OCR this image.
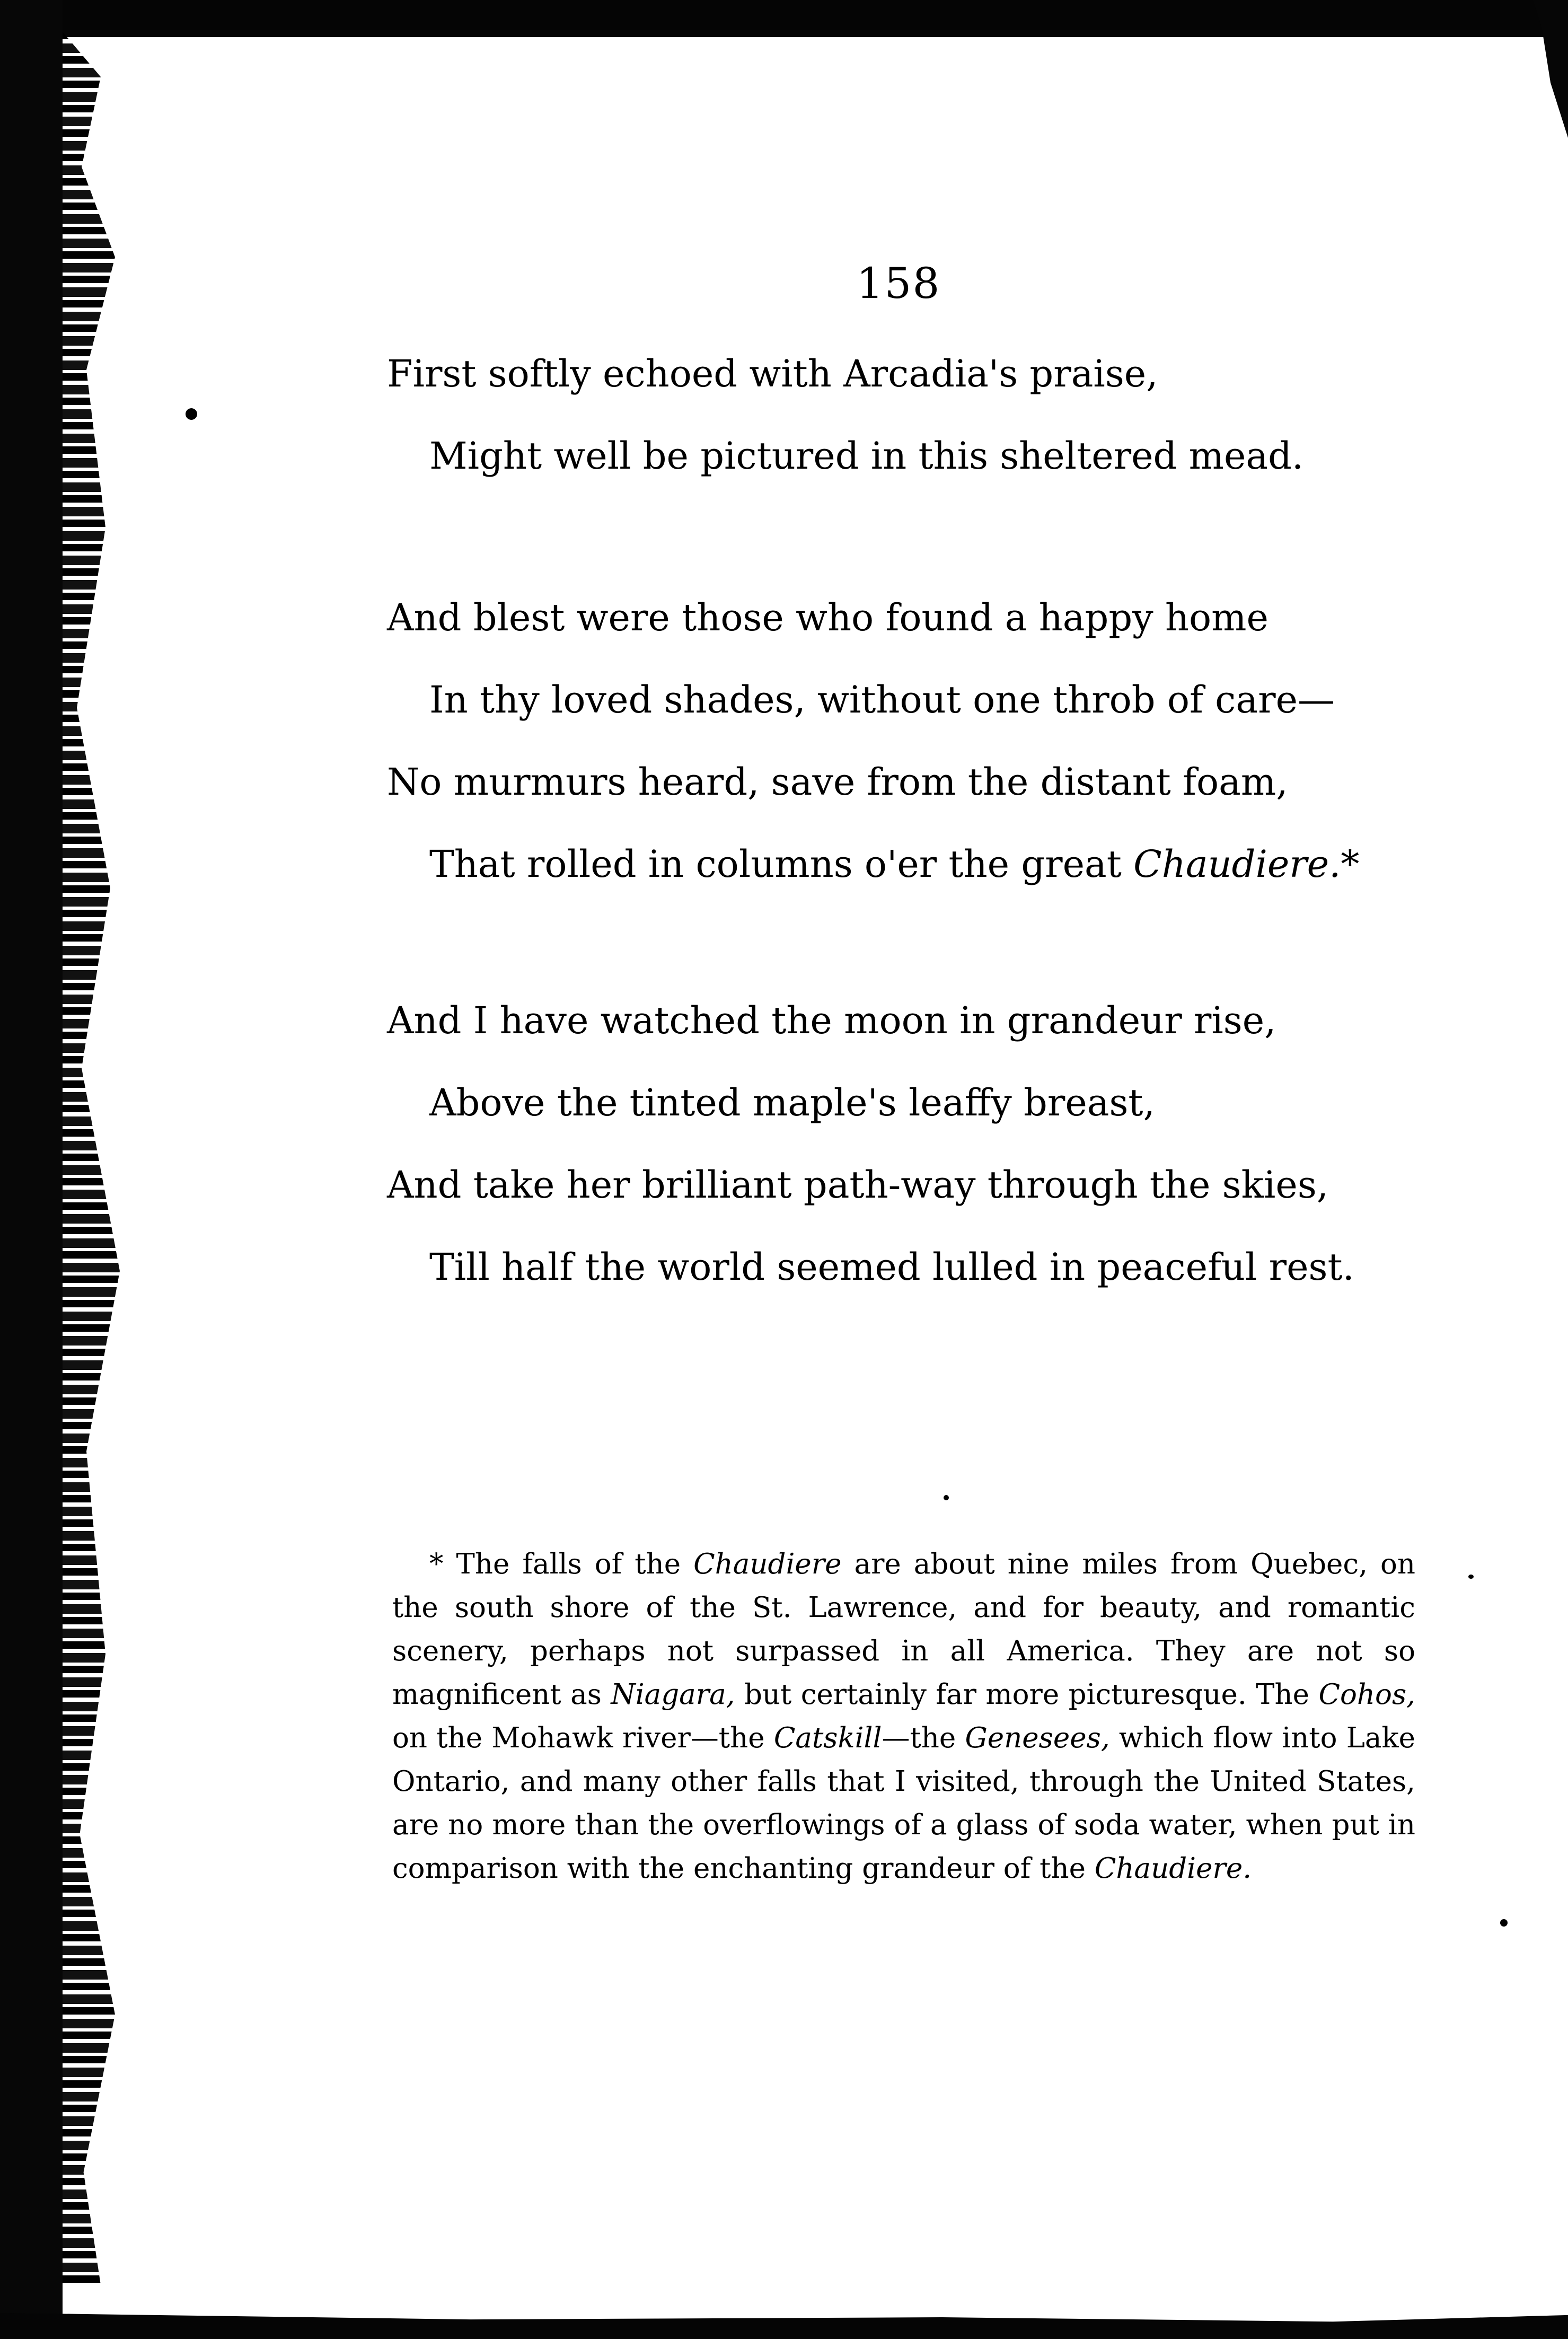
158
First softly echoed with Arcadia's praise,
Might well be pictured in this sheltered mead.
And blest were those who found a happy home
In thy loved shades, without one throb of care—
No murmurs heard, save from the distant foam,
That rolled in columns o'er the great Chaudiere.*
And I have watched the moon in grandeur rise,
Above the tinted maple's leaffy breast,
And take her brilliant path-way through the skies,
Till half the world seemed lulled in peaceful rest.
* The falls of the Chaudiere are about nine miles from Quebec, on the south shore of the St. Lawrence, and for beauty, and romantic scenery, perhaps not surpassed in all America. They are not so magnificent as Niagara, but certainly far more picturesque. The Cohos, on the Mohawk river—the Catskill—the Genesees, which flow into Lake Ontario, and many other falls that I visited, through the United States, are no more than the overflowings of a glass of soda water, when put in comparison with the enchanting grandeur of the Chaudiere.
